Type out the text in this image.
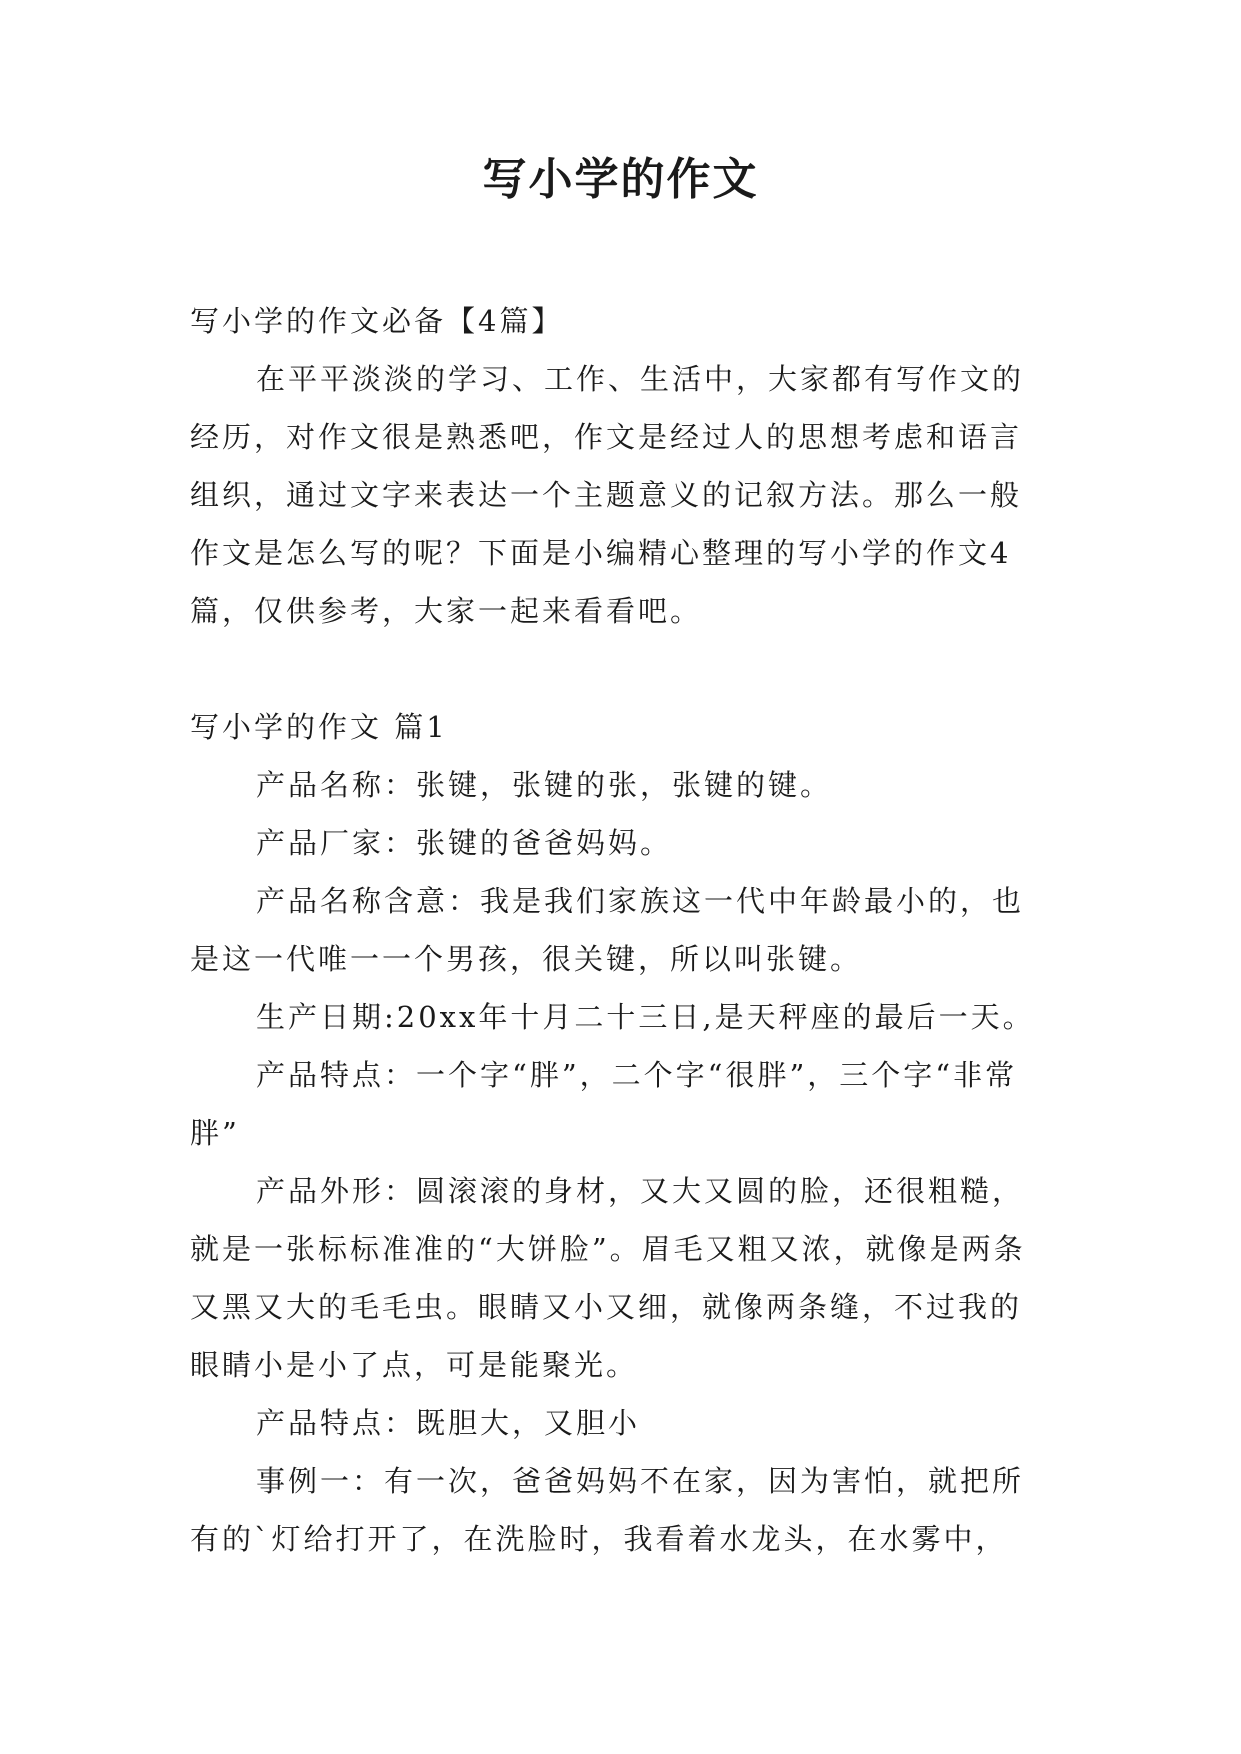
写小学的作文

写小学的作文必备【4篇】

在平平淡淡的学习、工作、生活中，大家都有写作文的经历，对作文很是熟悉吧，作文是经过人的思想考虑和语言组织，通过文字来表达一个主题意义的记叙方法。那么一般作文是怎么写的呢？下面是小编精心整理的写小学的作文4篇，仅供参考，大家一起来看看吧。

写小学的作文 篇1

产品名称：张键，张键的张，张键的键。

产品厂家：张键的爸爸妈妈。

产品名称含意：我是我们家族这一代中年龄最小的，也是这一代唯一一个男孩，很关键，所以叫张键。

生产日期:20xx年十月二十三日,是天秤座的最后一天。

产品特点：一个字“胖”，二个字“很胖”，三个字“非常胖”

产品外形：圆滚滚的身材，又大又圆的脸，还很粗糙，就是一张标标准准的“大饼脸”。眉毛又粗又浓，就像是两条又黑又大的毛毛虫。眼睛又小又细，就像两条缝，不过我的眼睛小是小了点，可是能聚光。

产品特点：既胆大，又胆小

事例一：有一次，爸爸妈妈不在家，因为害怕，就把所有的`灯给打开了，在洗脸时，我看着水龙头，在水雾中，
